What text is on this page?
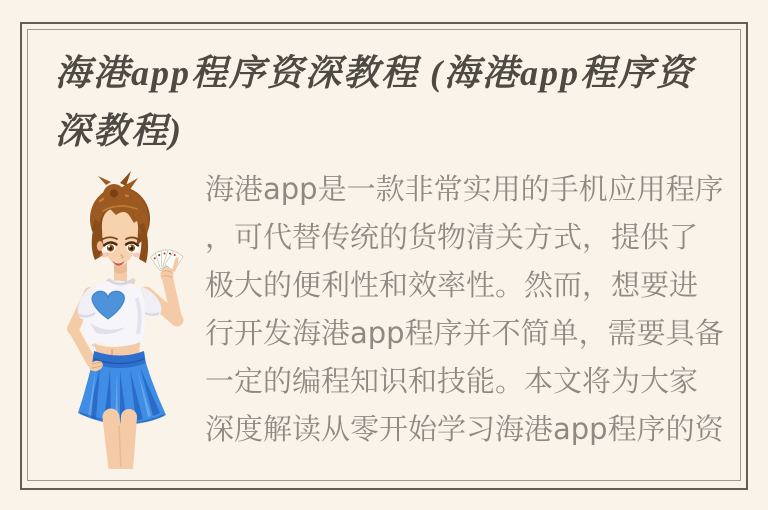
海港app程序资深教程 (海港app程序资
深教程)
海港app是一款非常实用的手机应用程序
，可代替传统的货物清关方式，提供了
极大的便利性和效率性。然而，想要进
行开发海港app程序并不简单，需要具备
一定的编程知识和技能。本文将为大家
深度解读从零开始学习海港app程序的资
